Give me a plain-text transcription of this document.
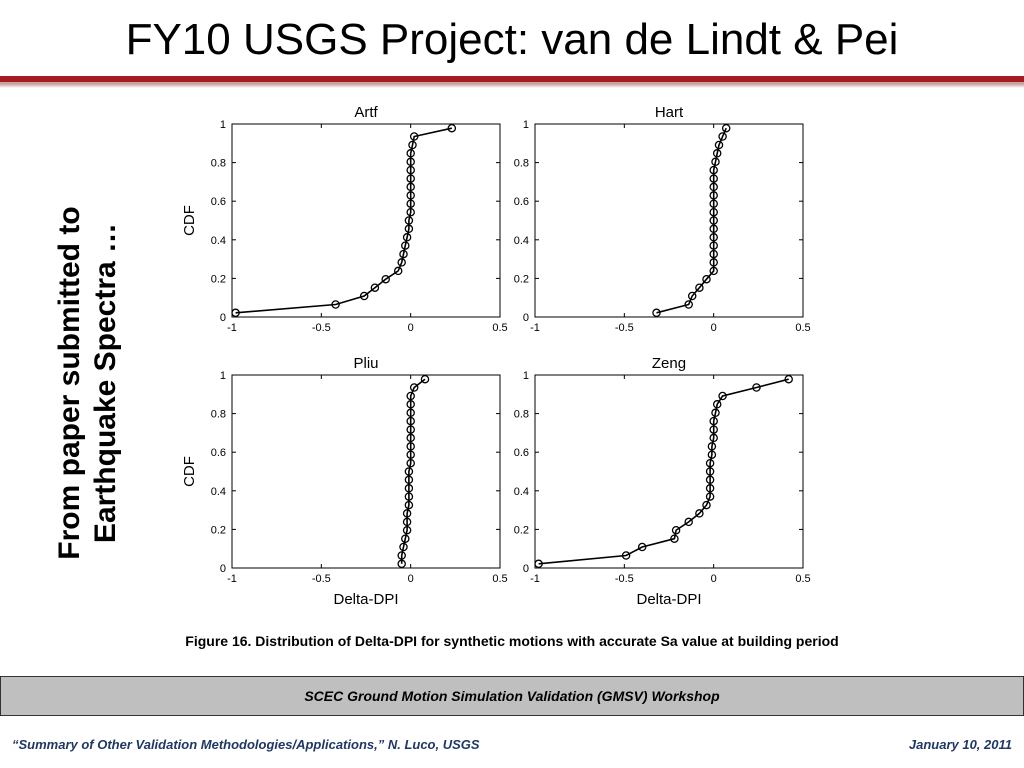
FY10 USGS Project: van de Lindt & Pei
From paper submitted to Earthquake Spectra …	-1	-0.5	0	0.5
0
0.2
0.4
0.6
0.8
1
Artf
CDF
-1	-0.5	0	0.5
0
0.2
0.4
0.6
0.8
1
Hart
-1	-0.5	0	0.5
0
0.2
0.4
0.6
0.8
1
Pliu
CDF
Delta-DPI
-1	-0.5	0	0.5
0
0.2
0.4
0.6
0.8
1
Zeng
Delta-DPI
Figure 16. Distribution of Delta-DPI for synthetic motions with accurate Sa value at building period
SCEC Ground Motion Simulation Validation (GMSV) Workshop
“Summary of Other Validation Methodologies/Applications,” N. Luco, USGS	January 10, 2011
